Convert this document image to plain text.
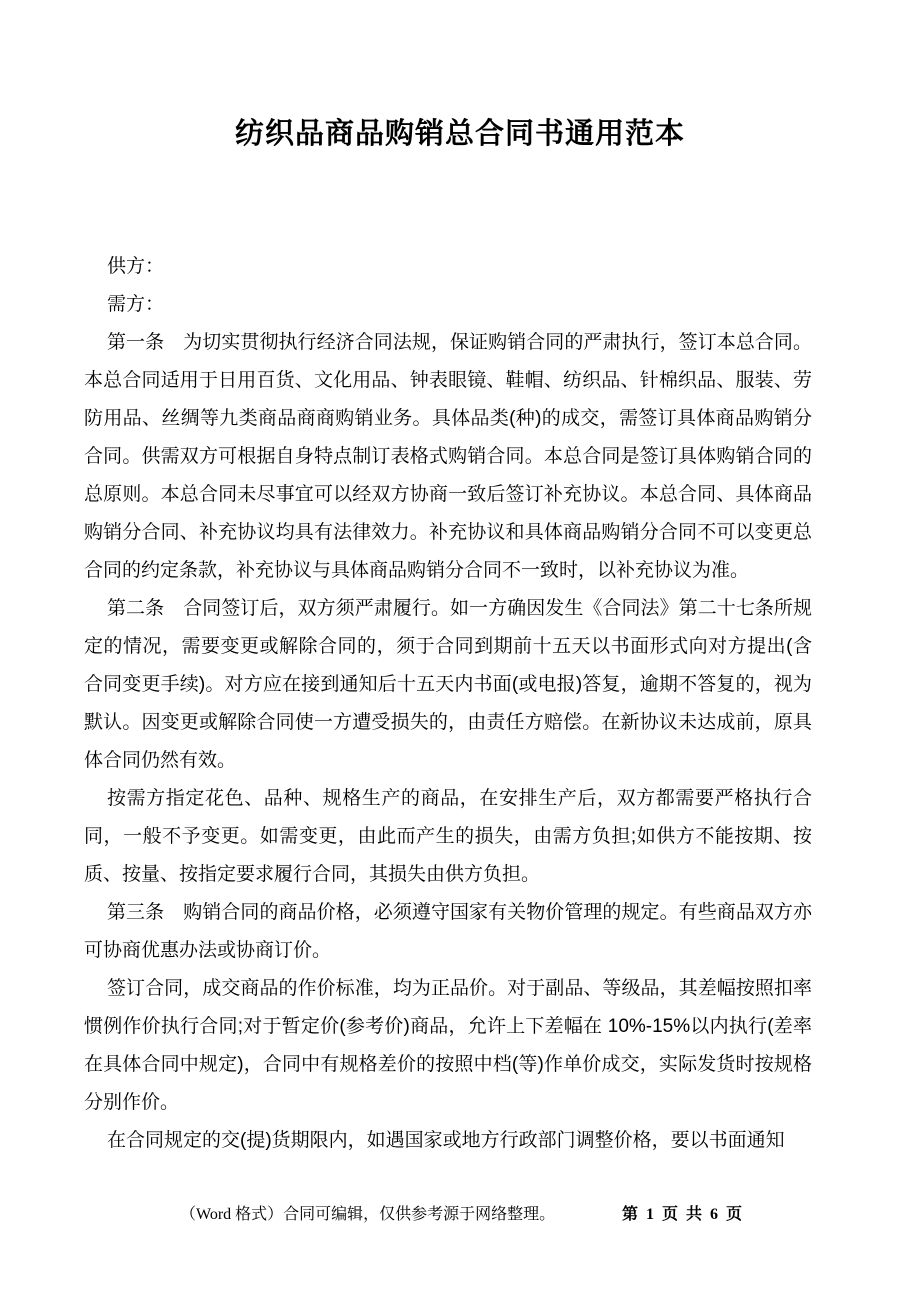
纺织品商品购销总合同书通用范本

供方：

需方：

第一条　为切实贯彻执行经济合同法规，保证购销合同的严肃执行，签订本总合同。本总合同适用于日用百货、文化用品、钟表眼镜、鞋帽、纺织品、针棉织品、服装、劳防用品、丝绸等九类商品商商购销业务。具体品类(种)的成交，需签订具体商品购销分合同。供需双方可根据自身特点制订表格式购销合同。本总合同是签订具体购销合同的总原则。本总合同未尽事宜可以经双方协商一致后签订补充协议。本总合同、具体商品购销分合同、补充协议均具有法律效力。补充协议和具体商品购销分合同不可以变更总合同的约定条款，补充协议与具体商品购销分合同不一致时，以补充协议为准。

第二条　合同签订后，双方须严肃履行。如一方确因发生《合同法》第二十七条所规定的情况，需要变更或解除合同的，须于合同到期前十五天以书面形式向对方提出(含合同变更手续)。对方应在接到通知后十五天内书面(或电报)答复，逾期不答复的，视为默认。因变更或解除合同使一方遭受损失的，由责任方赔偿。在新协议未达成前，原具体合同仍然有效。

按需方指定花色、品种、规格生产的商品，在安排生产后，双方都需要严格执行合同，一般不予变更。如需变更，由此而产生的损失，由需方负担;如供方不能按期、按质、按量、按指定要求履行合同，其损失由供方负担。

第三条　购销合同的商品价格，必须遵守国家有关物价管理的规定。有些商品双方亦可协商优惠办法或协商订价。

签订合同，成交商品的作价标准，均为正品价。对于副品、等级品，其差幅按照扣率惯例作价执行合同;对于暂定价(参考价)商品，允许上下差幅在 10%-15%以内执行(差率在具体合同中规定)，合同中有规格差价的按照中档(等)作单价成交，实际发货时按规格分别作价。

在合同规定的交(提)货期限内，如遇国家或地方行政部门调整价格，要以书面通知

（Word 格式）合同可编辑，仅供参考源于网络整理。	第 1 页 共 6 页
